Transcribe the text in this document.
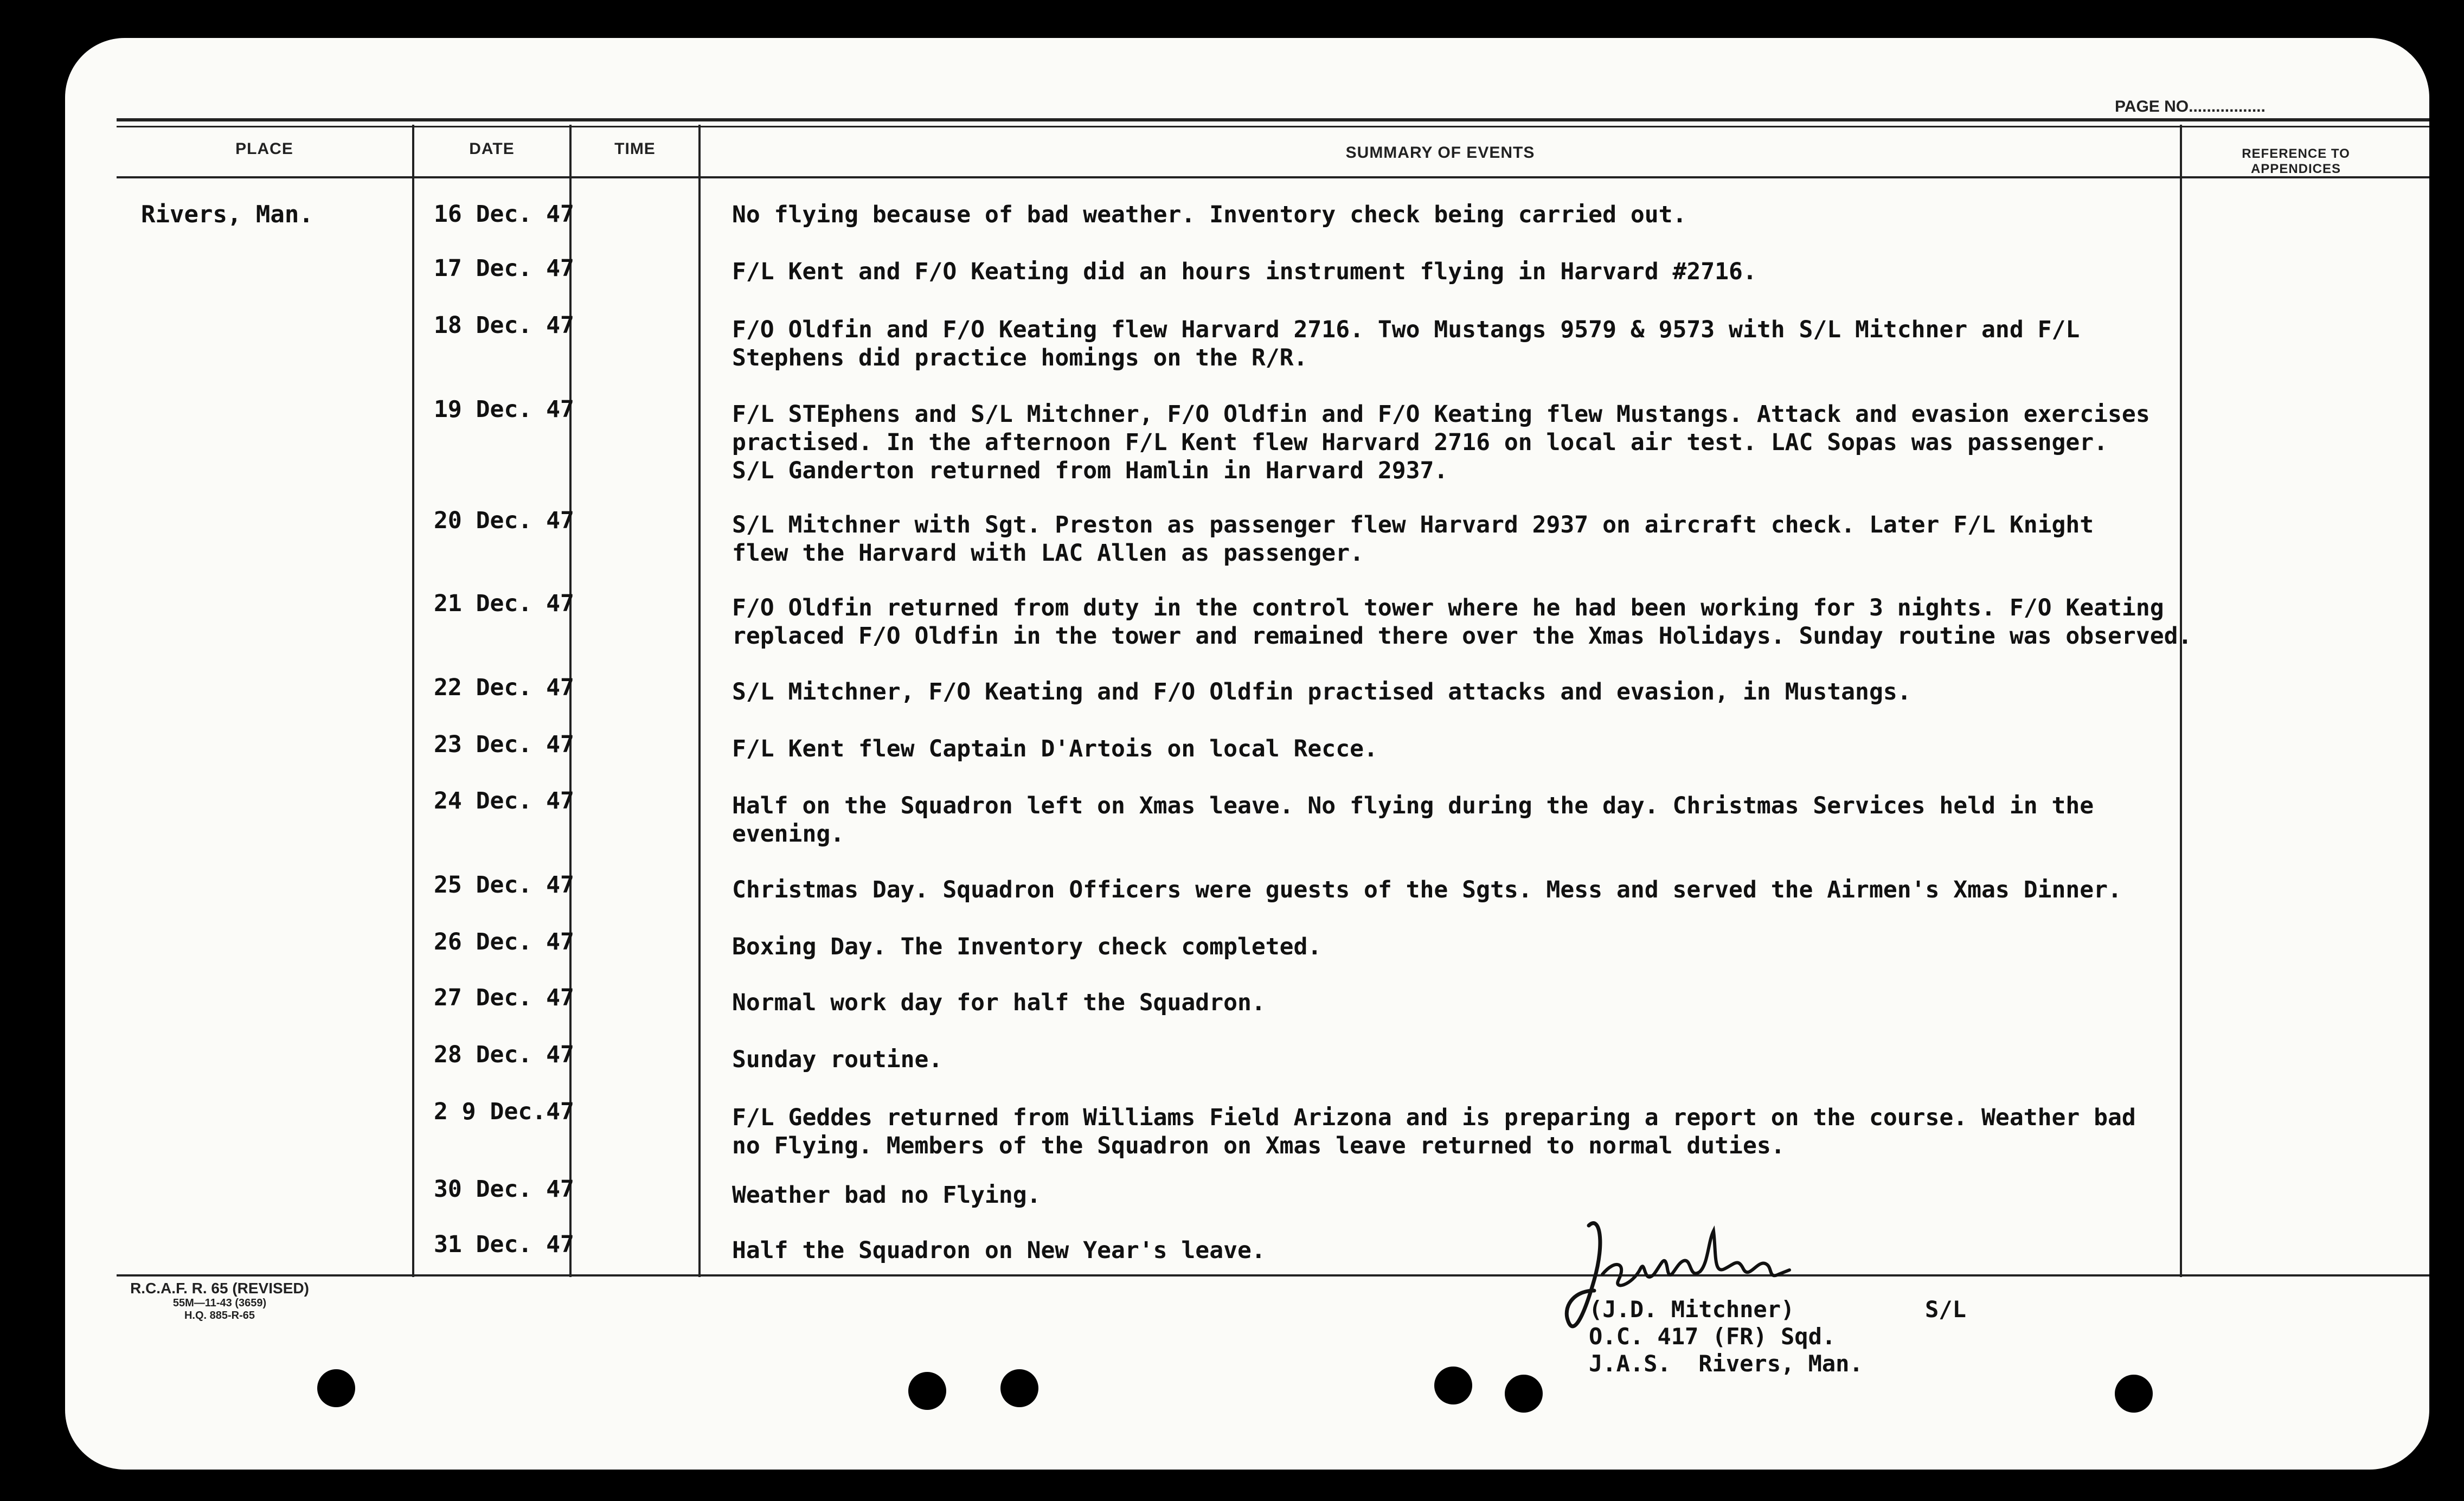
PAGE NO.................
PLACE	DATE	TIME	SUMMARY OF EVENTS	REFERENCE TO
APPENDICES
Rivers, Man.	16 Dec. 47	No flying because of bad weather. Inventory check being carried out.
17 Dec. 47	F/L Kent and F/O Keating did an hours instrument flying in Harvard #2716.
18 Dec. 47	F/O Oldfin and F/O Keating flew Harvard 2716. Two Mustangs 9579 & 9573 with S/L Mitchner and F/L
Stephens did practice homings on the R/R.
19 Dec. 47	F/L STEphens and S/L Mitchner, F/O Oldfin and F/O Keating flew Mustangs. Attack and evasion exercises
practised. In the afternoon F/L Kent flew Harvard 2716 on local air test. LAC Sopas was passenger.
S/L Ganderton returned from Hamlin in Harvard 2937.
20 Dec. 47	S/L Mitchner with Sgt. Preston as passenger flew Harvard 2937 on aircraft check. Later F/L Knight
flew the Harvard with LAC Allen as passenger.
21 Dec. 47	F/O Oldfin returned from duty in the control tower where he had been working for 3 nights. F/O Keating
replaced F/O Oldfin in the tower and remained there over the Xmas Holidays. Sunday routine was observed.
22 Dec. 47	S/L Mitchner, F/O Keating and F/O Oldfin practised attacks and evasion, in Mustangs.
23 Dec. 47	F/L Kent flew Captain D'Artois on local Recce.
24 Dec. 47	Half on the Squadron left on Xmas leave. No flying during the day. Christmas Services held in the
evening.
25 Dec. 47	Christmas Day. Squadron Officers were guests of the Sgts. Mess and served the Airmen's Xmas Dinner.
26 Dec. 47	Boxing Day. The Inventory check completed.
27 Dec. 47	Normal work day for half the Squadron.
28 Dec. 47	Sunday routine.
2 9 Dec.47	F/L Geddes returned from Williams Field Arizona and is preparing a report on the course. Weather bad
no Flying. Members of the Squadron on Xmas leave returned to normal duties.
30 Dec. 47	Weather bad no Flying.
31 Dec. 47	Half the Squadron on New Year's leave.
R.C.A.F. R. 65 (REVISED)
55M—11-43 (3659)
H.Q. 885-R-65	(J.D. Mitchner)
O.C. 417 (FR) Sqd.
J.A.S.  Rivers, Man.
S/L
